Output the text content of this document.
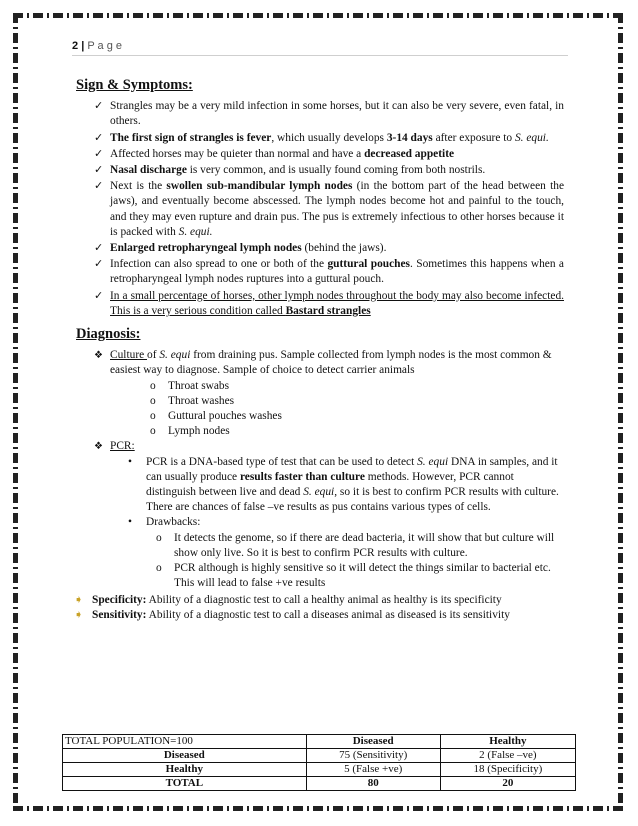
2 | P a g e
Sign & Symptoms:
✓ Strangles may be a very mild infection in some horses, but it can also be very severe, even fatal, in others.
✓ The first sign of strangles is fever, which usually develops 3-14 days after exposure to S. equi.
✓ Affected horses may be quieter than normal and have a decreased appetite
✓ Nasal discharge is very common, and is usually found coming from both nostrils.
✓ Next is the swollen sub-mandibular lymph nodes (in the bottom part of the head between the jaws), and eventually become abscessed. The lymph nodes become hot and painful to the touch, and they may even rupture and drain pus. The pus is extremely infectious to other horses because it is packed with S. equi.
✓ Enlarged retropharyngeal lymph nodes (behind the jaws).
✓ Infection can also spread to one or both of the guttural pouches. Sometimes this happens when a retropharyngeal lymph nodes ruptures into a guttural pouch.
✓ In a small percentage of horses, other lymph nodes throughout the body may also become infected. This is a very serious condition called Bastard strangles
Diagnosis:
❖ Culture of S. equi from draining pus. Sample collected from lymph nodes is the most common & easiest way to diagnose. Sample of choice to detect carrier animals
o Throat swabs
o Throat washes
o Guttural pouches washes
o Lymph nodes
❖ PCR:
• PCR is a DNA-based type of test that can be used to detect S. equi DNA in samples, and it can usually produce results faster than culture methods. However, PCR cannot distinguish between live and dead S. equi, so it is best to confirm PCR results with culture. There are chances of false –ve results as pus contains various types of cells.
• Drawbacks:
o It detects the genome, so if there are dead bacteria, it will show that but culture will show only live. So it is best to confirm PCR results with culture.
o PCR although is highly sensitive so it will detect the things similar to bacterial etc. This will lead to false +ve results
➧ Specificity: Ability of a diagnostic test to call a healthy animal as healthy is its specificity
➧ Sensitivity: Ability of a diagnostic test to call a diseases animal as diseased is its sensitivity
TOTAL POPULATION=100	Diseased	Healthy
Diseased	75 (Sensitivity)	2 (False –ve)
Healthy	5 (False +ve)	18 (Specificity)
TOTAL	80	20
